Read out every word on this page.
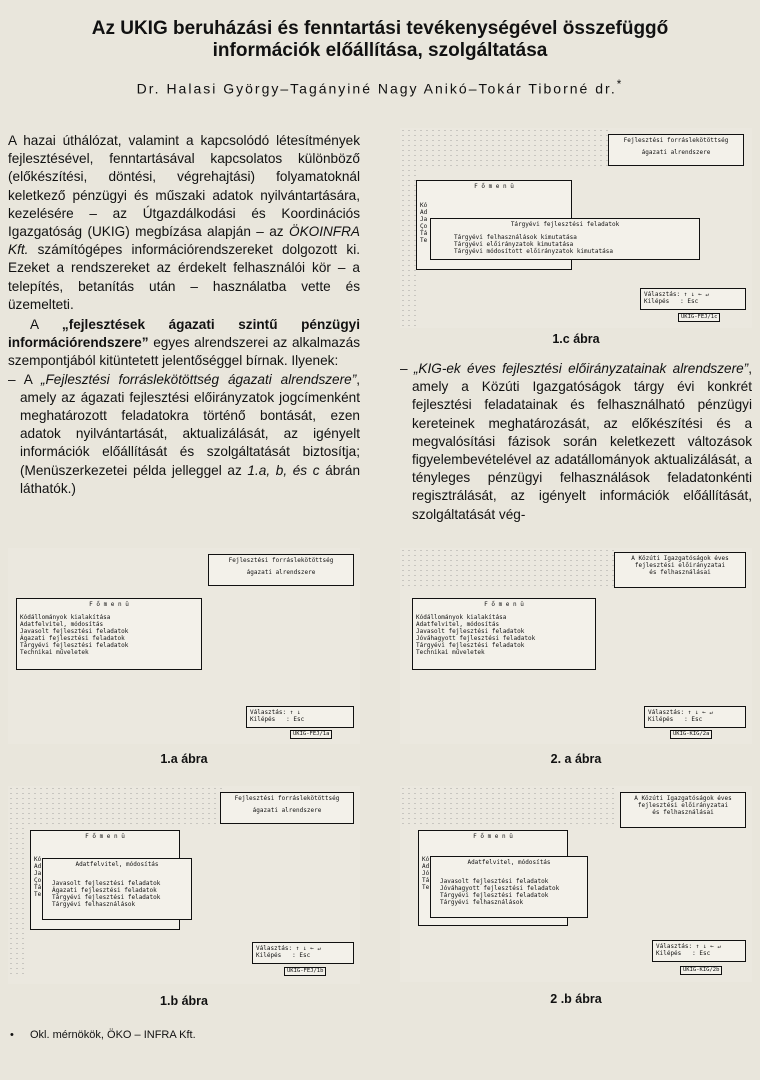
Az UKIG beruházási és fenntartási tevékenységével összefüggő
információk előállítása, szolgáltatása
Dr. Halasi György–Tagányiné Nagy Anikó–Tokár Tiborné dr.*

A hazai úthálózat, valamint a kapcsolódó létesítmények fejlesztésével, fenntartásával kapcsolatos különböző (előkészítési, döntési, végrehajtási) folyamatoknál keletkező pénzügyi és műszaki adatok nyilvántartására, kezelésére – az Útgazdálkodási és Koordinációs Igazgatóság (UKIG) megbízása alapján – az ÖKOINFRA Kft. számítógépes információrendszereket dolgozott ki. Ezeket a rendszereket az érdekelt felhasználói kör – a telepítés, betanítás után – használatba vette és üzemelteti.

A „fejlesztések ágazati szintű pénzügyi információrendszere” egyes alrendszerei az alkalmazás szempontjából kitüntetett jelentőséggel bírnak. Ilyenek:

– A „Fejlesztési forráslekötöttség ágazati alrendszere”, amely az ágazati fejlesztési előirányzatok jogcímenként meghatározott feladatokra történő bontását, ezen adatok nyilvántartását, aktualizálását, az igényelt információk előállítását és szolgáltatását biztosítja; (Menüszerkezetei példa jelleggel az 1.a, b, és c ábrán láthatók.)

– „KIG-ek éves fejlesztési előirányzatainak alrendszere”, amely a Közúti Igazgatóságok tárgy évi konkrét fejlesztési feladatainak és felhasználható pénzügyi kereteinek meghatározását, az előkészítési és a megvalósítási fázisok során keletkezett változások figyelembevételével az adatállományok aktualizálását, a tényleges pénzügyi felhasználások feladatonkénti regisztrálását, az igényelt információk előállítását, szolgáltatását vég-

Fejlesztési forráslekötöttség
ágazati alrendszere
F ő m e n ü
Kó
Ad
Ja
Ço
Tá
Te
Tárgyévi fejlesztési feladatok
Tárgyévi felhasználások kimutatása
Tárgyévi előirányzatok kimutatása
Tárgyévi módosított előirányzatok kimutatása
Választás: ↑ ↓ ← ↵
Kilépés   : Esc
UKIG-FEJ/1c
1.c ábra
Fejlesztési forráslekötöttség
ágazati alrendszere
F ő m e n ü
Kódállományok kialakítása
Adatfelvitel, módosítás
Javasolt fejlesztési feladatok
Ágazati fejlesztési feladatok
Tárgyévi fejlesztési feladatok
Technikai műveletek
Választás: ↑ ↓
Kilépés   : Esc
UKIG-FEJ/1a
1.a ábra
A Közúti Igazgatóságok éves
fejlesztési előirányzatai
és felhasználásai
F ő m e n ü
Kódállományok kialakítása
Adatfelvitel, módosítás
Javasolt fejlesztési feladatok
Jóváhagyott fejlesztési feladatok
Tárgyévi fejlesztési feladatok
Technikai műveletek
Választás: ↑ ↓ ← ↵
Kilépés   : Esc
UKIG-KIG/2a
2. a ábra
Fejlesztési forráslekötöttség
ágazati alrendszere
F ő m e n ü
Kó
Ad
Ja
Ço
Tá
Te
Adatfelvitel, módosítás
Javasolt fejlesztési feladatok
Ágazati fejlesztési feladatok
Tárgyévi fejlesztési feladatok
Tárgyévi felhasználások
Választás: ↑ ↓ ← ↵
Kilépés   : Esc
UKIG-FEJ/1b
1.b ábra
A Közúti Igazgatóságok éves
fejlesztési előirányzatai
és felhasználásai
F ő m e n ü
Kó
Ad
Jó
Tá
Te
Adatfelvitel, módosítás
Javasolt fejlesztési feladatok
Jóváhagyott fejlesztési feladatok
Tárgyévi fejlesztési feladatok
Tárgyévi felhasználások
Választás: ↑ ↓ ← ↵
Kilépés   : Esc
UKIG-KIG/2b
2 .b ábra
• Okl. mérnökök, ÖKO – INFRA Kft.
